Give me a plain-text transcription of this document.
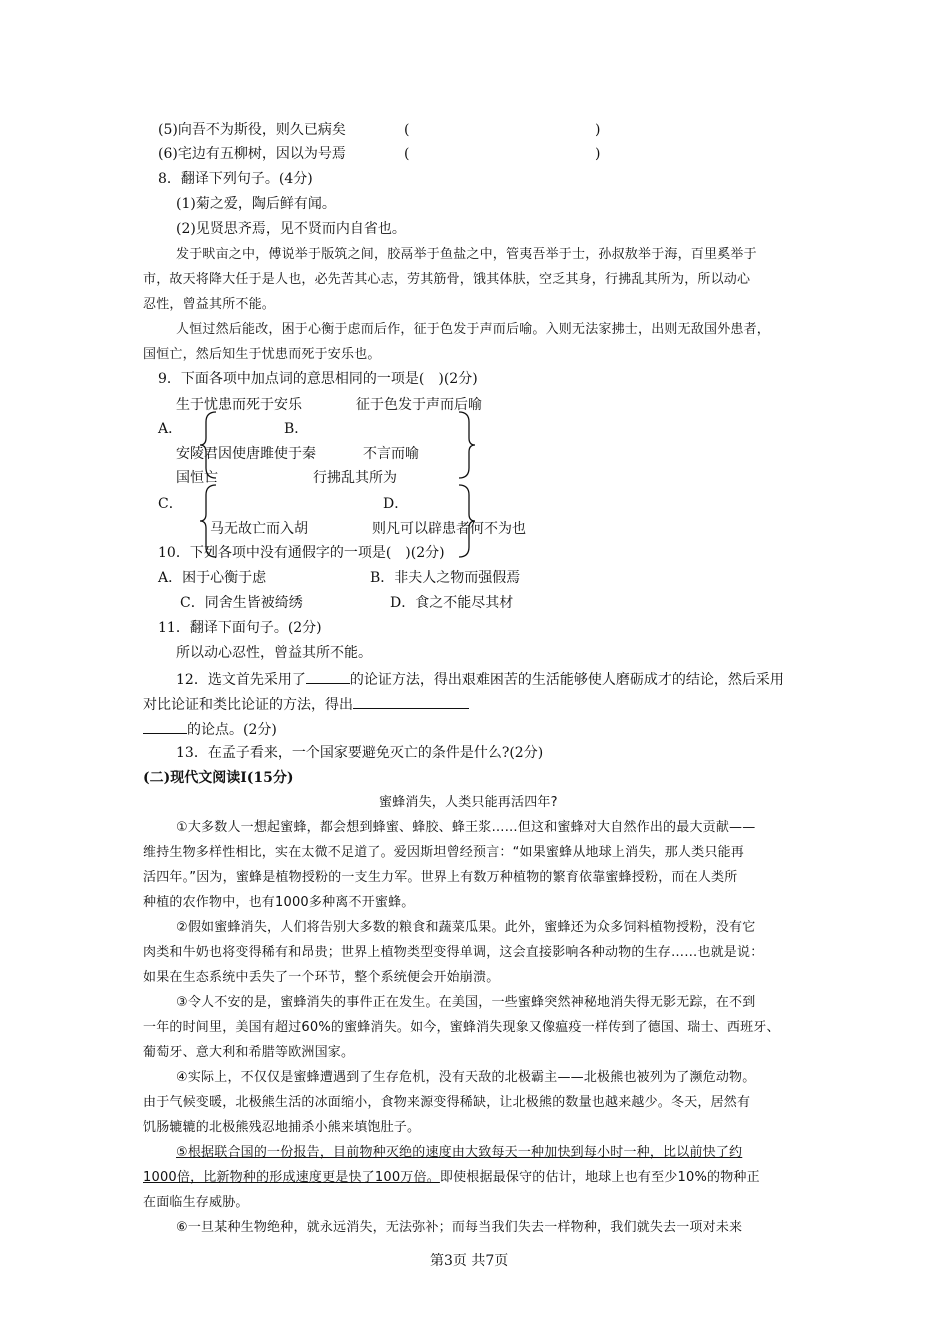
(5)向吾不为斯役，则久已病矣	(	)
(6)宅边有五柳树，因以为号焉	(	)
8．翻译下列句子。(4分)
(1)菊之爱，陶后鲜有闻。
(2)见贤思齐焉，见不贤而内自省也。
发于畎亩之中，傅说举于版筑之间，胶鬲举于鱼盐之中，管夷吾举于士，孙叔敖举于海，百里奚举于
市，故天将降大任于是人也，必先苦其心志，劳其筋骨，饿其体肤，空乏其身，行拂乱其所为，所以动心
忍性，曾益其所不能。
人恒过然后能改，困于心衡于虑而后作，征于色发于声而后喻。入则无法家拂士，出则无敌国外患者，
国恒亡，然后知生于忧患而死于安乐也。
9．下面各项中加点词的意思相同的一项是(　)(2分)
生于忧患而死于安乐	征于色发于声而后喻
A．	B．
安陵君因使唐雎使于秦	不言而喻
国恒亡	行拂乱其所为
C．	D．
马无故亡而入胡	则凡可以辟患者何不为也
10．下列各项中没有通假字的一项是(　)(2分)
A．困于心衡于虑	B．非夫人之物而强假焉
C．同舍生皆被绮绣	D．食之不能尽其材
11．翻译下面句子。(2分)
所以动心忍性，曾益其所不能。
12．选文首先采用了	的论证方法，得出艰难困苦的生活能够使人磨砺成才的结论，然后采用
对比论证和类比论证的方法，得出
的论点。(2分)
13．在孟子看来，一个国家要避免灭亡的条件是什么?(2分)
(二)现代文阅读Ⅰ(15分)
蜜蜂消失，人类只能再活四年?
①大多数人一想起蜜蜂，都会想到蜂蜜、蜂胶、蜂王浆……但这和蜜蜂对大自然作出的最大贡献——
维持生物多样性相比，实在太微不足道了。爱因斯坦曾经预言：“如果蜜蜂从地球上消失，那人类只能再
活四年。”因为，蜜蜂是植物授粉的一支生力军。世界上有数万种植物的繁育依靠蜜蜂授粉，而在人类所
种植的农作物中，也有1000多种离不开蜜蜂。
②假如蜜蜂消失，人们将告别大多数的粮食和蔬菜瓜果。此外，蜜蜂还为众多饲料植物授粉，没有它
肉类和牛奶也将变得稀有和昂贵；世界上植物类型变得单调，这会直接影响各种动物的生存……也就是说：
如果在生态系统中丢失了一个环节，整个系统便会开始崩溃。
③令人不安的是，蜜蜂消失的事件正在发生。在美国，一些蜜蜂突然神秘地消失得无影无踪，在不到
一年的时间里，美国有超过60%的蜜蜂消失。如今，蜜蜂消失现象又像瘟疫一样传到了德国、瑞士、西班牙、
葡萄牙、意大利和希腊等欧洲国家。
④实际上，不仅仅是蜜蜂遭遇到了生存危机，没有天敌的北极霸主——北极熊也被列为了濒危动物。
由于气候变暖，北极熊生活的冰面缩小，食物来源变得稀缺，让北极熊的数量也越来越少。冬天，居然有
饥肠辘辘的北极熊残忍地捕杀小熊来填饱肚子。
⑤根据联合国的一份报告，目前物种灭绝的速度由大致每天一种加快到每小时一种，比以前快了约
1000倍，比新物种的形成速度更是快了100万倍。即使根据最保守的估计，地球上也有至少10%的物种正
在面临生存威胁。
⑥一旦某种生物绝种，就永远消失，无法弥补；而每当我们失去一样物种，我们就失去一项对未来
第3页 共7页
